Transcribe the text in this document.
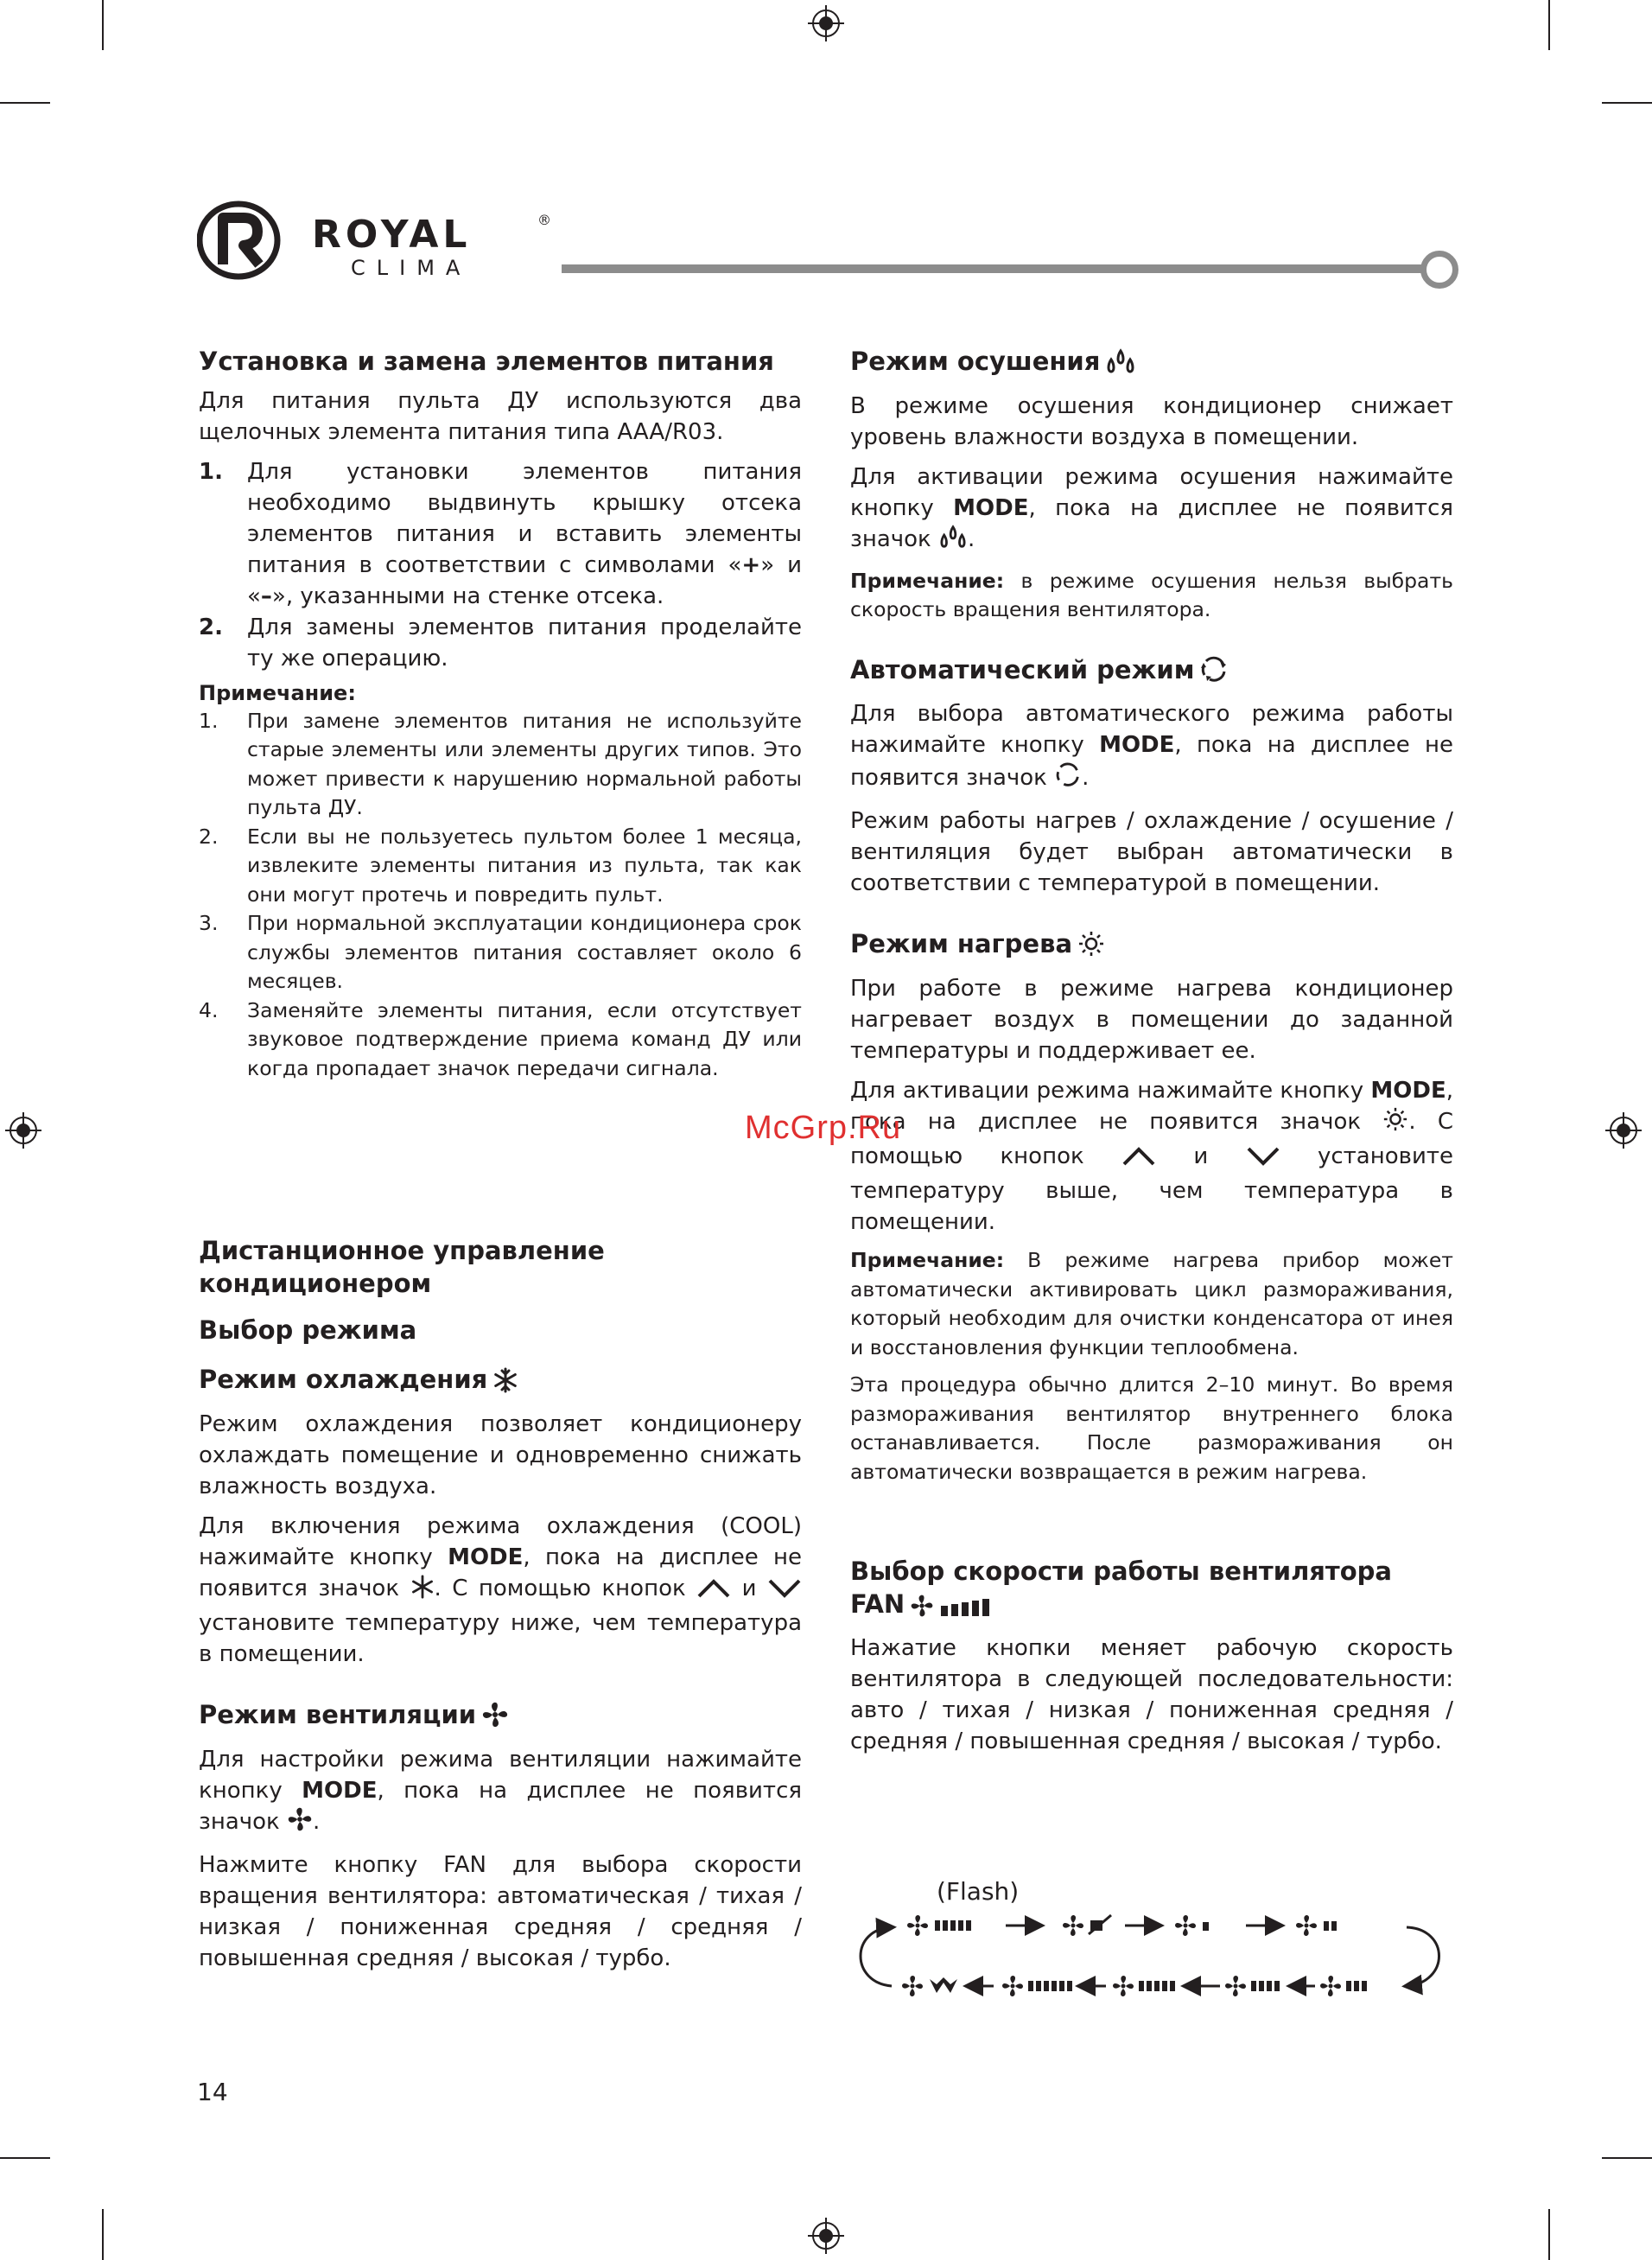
ROYAL	®
CLIMA
Установка и замена элементов питания

Для питания пульта ДУ используются два щелочных элемента питания типа AAA/R03.

1. Для установки элементов питания необходимо выдвинуть крышку отсека элементов питания и вставить элементы питания в соответствии с символами «+» и «–», указанными на стенке отсека.
2. Для замены элементов питания проделайте ту же операцию.
Примечание:
1. При замене элементов питания не используйте старые элементы или элементы других типов. Это может привести к нарушению нормальной работы пульта ДУ.
2. Если вы не пользуетесь пультом более 1 месяца, извлеките элементы питания из пульта, так как они могут протечь и повредить пульт.
3. При нормальной эксплуатации кондиционера срок службы элементов питания составляет около 6 месяцев.
4. Заменяйте элементы питания, если отсутствует звуковое подтверждение приема команд ДУ или когда пропадает значок передачи сигнала.
Дистанционное управление
кондиционером
Выбор режима
Режим охлаждения

Режим охлаждения позволяет кондиционеру охлаждать помещение и одновременно снижать влажность воздуха.

Для включения режима охлаждения (COOL) нажимайте кнопку MODE, пока на дисплее не появится значок . С помощью кнопок  и  установите температуру ниже, чем температура в помещении.

Режим вентиляции

Для настройки режима вентиляции нажимайте кнопку MODE, пока на дисплее не появится значок .

Нажмите кнопку FAN для выбора скорости вращения вентилятора: автоматическая / тихая / низкая / пониженная средняя / средняя / повышенная средняя / высокая / турбо.

Режим осушения

В режиме осушения кондиционер снижает уровень влажности воздуха в помещении.

Для активации режима осушения нажимайте кнопку MODE, пока на дисплее не появится значок .

Примечание: в режиме осушения нельзя выбрать скорость вращения вентилятора.

Автоматический режим

Для выбора автоматического режима работы нажимайте кнопку MODE, пока на дисплее не появится значок .

Режим работы нагрев / охлаждение / осушение / вентиляция будет выбран автоматически в соответствии с температурой в помещении.

Режим нагрева

При работе в режиме нагрева кондиционер нагревает воздух в помещении до заданной температуры и поддерживает ее.

Для активации режима нажимайте кнопку MODE, пока на дисплее не появится значок . С помощью кнопок  и  установите температуру выше, чем температура в помещении.

Примечание: В режиме нагрева прибор может автоматически активировать цикл размораживания, который необходим для очистки конденсатора от инея и восстановления функции теплообмена.

Эта процедура обычно длится 2–10 минут. Во время размораживания вентилятор внутреннего блока останавливается. После размораживания он автоматически возвращается в режим нагрева.

Выбор скорости работы вентилятора
FAN

Нажатие кнопки меняет рабочую скорость вентилятора в следующей последовательности: авто / тихая / низкая / пониженная средняя / средняя / повышенная средняя / высокая / турбо.

(Flash)
McGrp.Ru
14
